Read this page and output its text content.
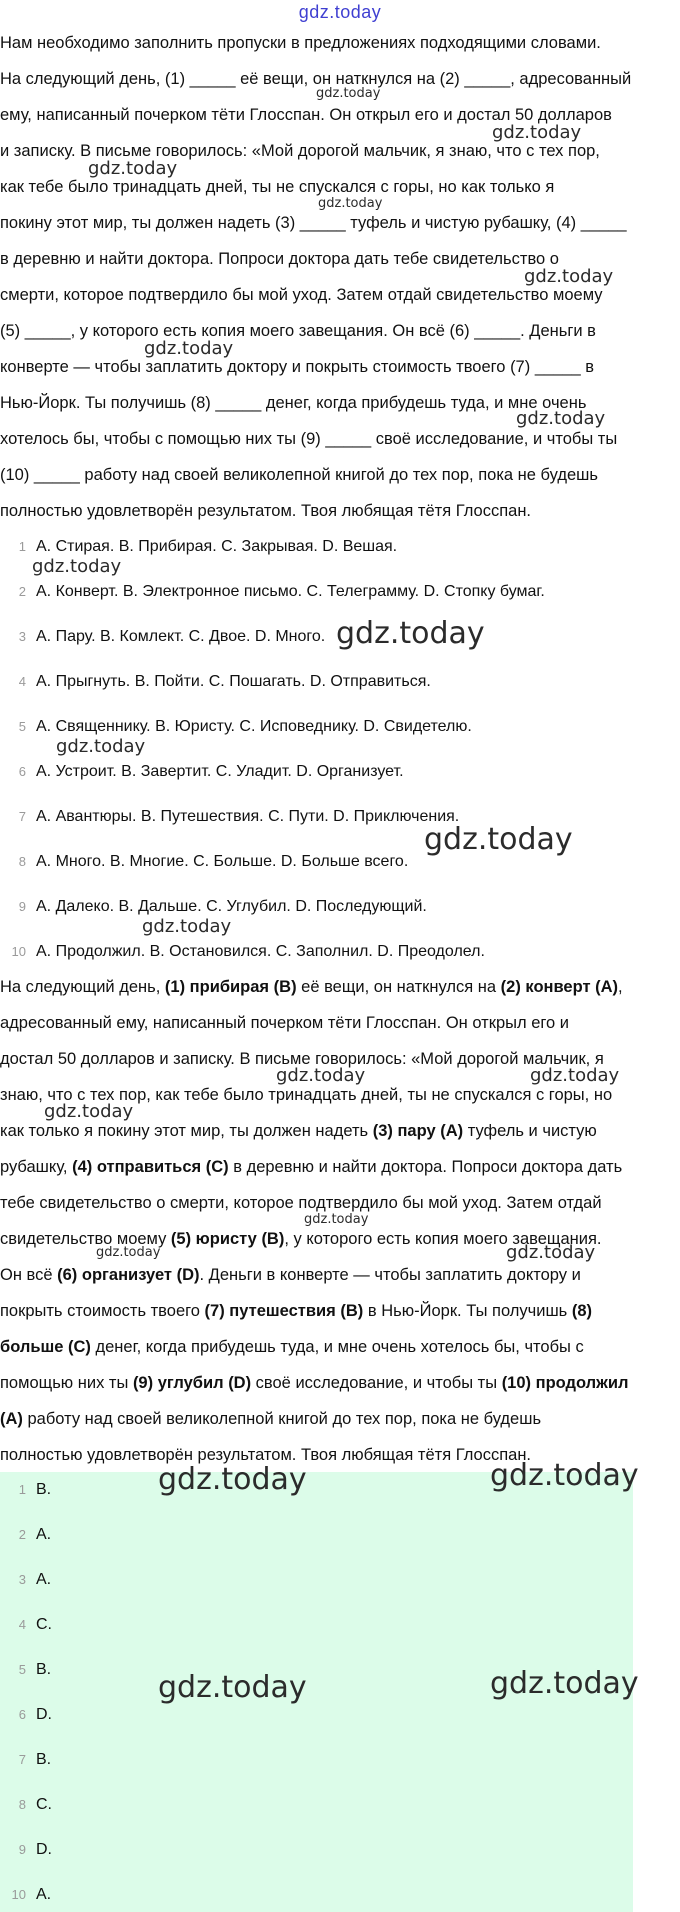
gdz.today
Нам необходимо заполнить пропуски в предложениях подходящими словами.
На следующий день, (1) _____ её вещи, он наткнулся на (2) _____, адресованный
ему, написанный почерком тёти Глосспан. Он открыл его и достал 50 долларов
и записку. В письме говорилось: «Мой дорогой мальчик, я знаю, что с тех пор,
как тебе было тринадцать дней, ты не спускался с горы, но как только я
покину этот мир, ты должен надеть (3) _____ туфель и чистую рубашку, (4) _____
в деревню и найти доктора. Попроси доктора дать тебе свидетельство о
смерти, которое подтвердило бы мой уход. Затем отдай свидетельство моему
(5) _____, у которого есть копия моего завещания. Он всё (6) _____. Деньги в
конверте — чтобы заплатить доктору и покрыть стоимость твоего (7) _____ в
Нью-Йорк. Ты получишь (8) _____ денег, когда прибудешь туда, и мне очень
хотелось бы, чтобы с помощью них ты (9) _____ своё исследование, и чтобы ты
(10) _____ работу над своей великолепной книгой до тех пор, пока не будешь
полностью удовлетворён результатом. Твоя любящая тётя Глосспан.
1 A. Стирая. B. Прибирая. C. Закрывая. D. Вешая.
2 A. Конверт. B. Электронное письмо. C. Телеграмму. D. Стопку бумаг.
3 A. Пару. B. Комлект. C. Двое. D. Много.
4 A. Прыгнуть. B. Пойти. C. Пошагать. D. Отправиться.
5 A. Священнику. B. Юристу. C. Исповеднику. D. Свидетелю.
6 A. Устроит. B. Завертит. C. Уладит. D. Организует.
7 A. Авантюры. B. Путешествия. C. Пути. D. Приключения.
8 A. Много. B. Многие. C. Больше. D. Больше всего.
9 A. Далеко. B. Дальше. C. Углубил. D. Последующий.
10 A. Продолжил. B. Остановился. C. Заполнил. D. Преодолел.
На следующий день, (1) прибирая (B) её вещи, он наткнулся на (2) конверт (A),
адресованный ему, написанный почерком тёти Глосспан. Он открыл его и
достал 50 долларов и записку. В письме говорилось: «Мой дорогой мальчик, я
знаю, что с тех пор, как тебе было тринадцать дней, ты не спускался с горы, но
как только я покину этот мир, ты должен надеть (3) пару (A) туфель и чистую
рубашку, (4) отправиться (C) в деревню и найти доктора. Попроси доктора дать
тебе свидетельство о смерти, которое подтвердило бы мой уход. Затем отдай
свидетельство моему (5) юристу (B), у которого есть копия моего завещания.
Он всё (6) организует (D). Деньги в конверте — чтобы заплатить доктору и
покрыть стоимость твоего (7) путешествия (B) в Нью-Йорк. Ты получишь (8)
больше (C) денег, когда прибудешь туда, и мне очень хотелось бы, чтобы с
помощью них ты (9) углубил (D) своё исследование, и чтобы ты (10) продолжил
(A) работу над своей великолепной книгой до тех пор, пока не будешь
полностью удовлетворён результатом. Твоя любящая тётя Глосспан.
1 B.
2 A.
3 A.
4 C.
5 B.
6 D.
7 B.
8 C.
9 D.
10 A.
gdz.today
gdz.today
gdz.today
gdz.today
gdz.today
gdz.today
gdz.today
gdz.today
gdz.today
gdz.today
gdz.today
gdz.today
gdz.today	gdz.today
gdz.today
gdz.today
gdz.today
gdz.today
gdz.today	gdz.today
gdz.today	gdz.today
